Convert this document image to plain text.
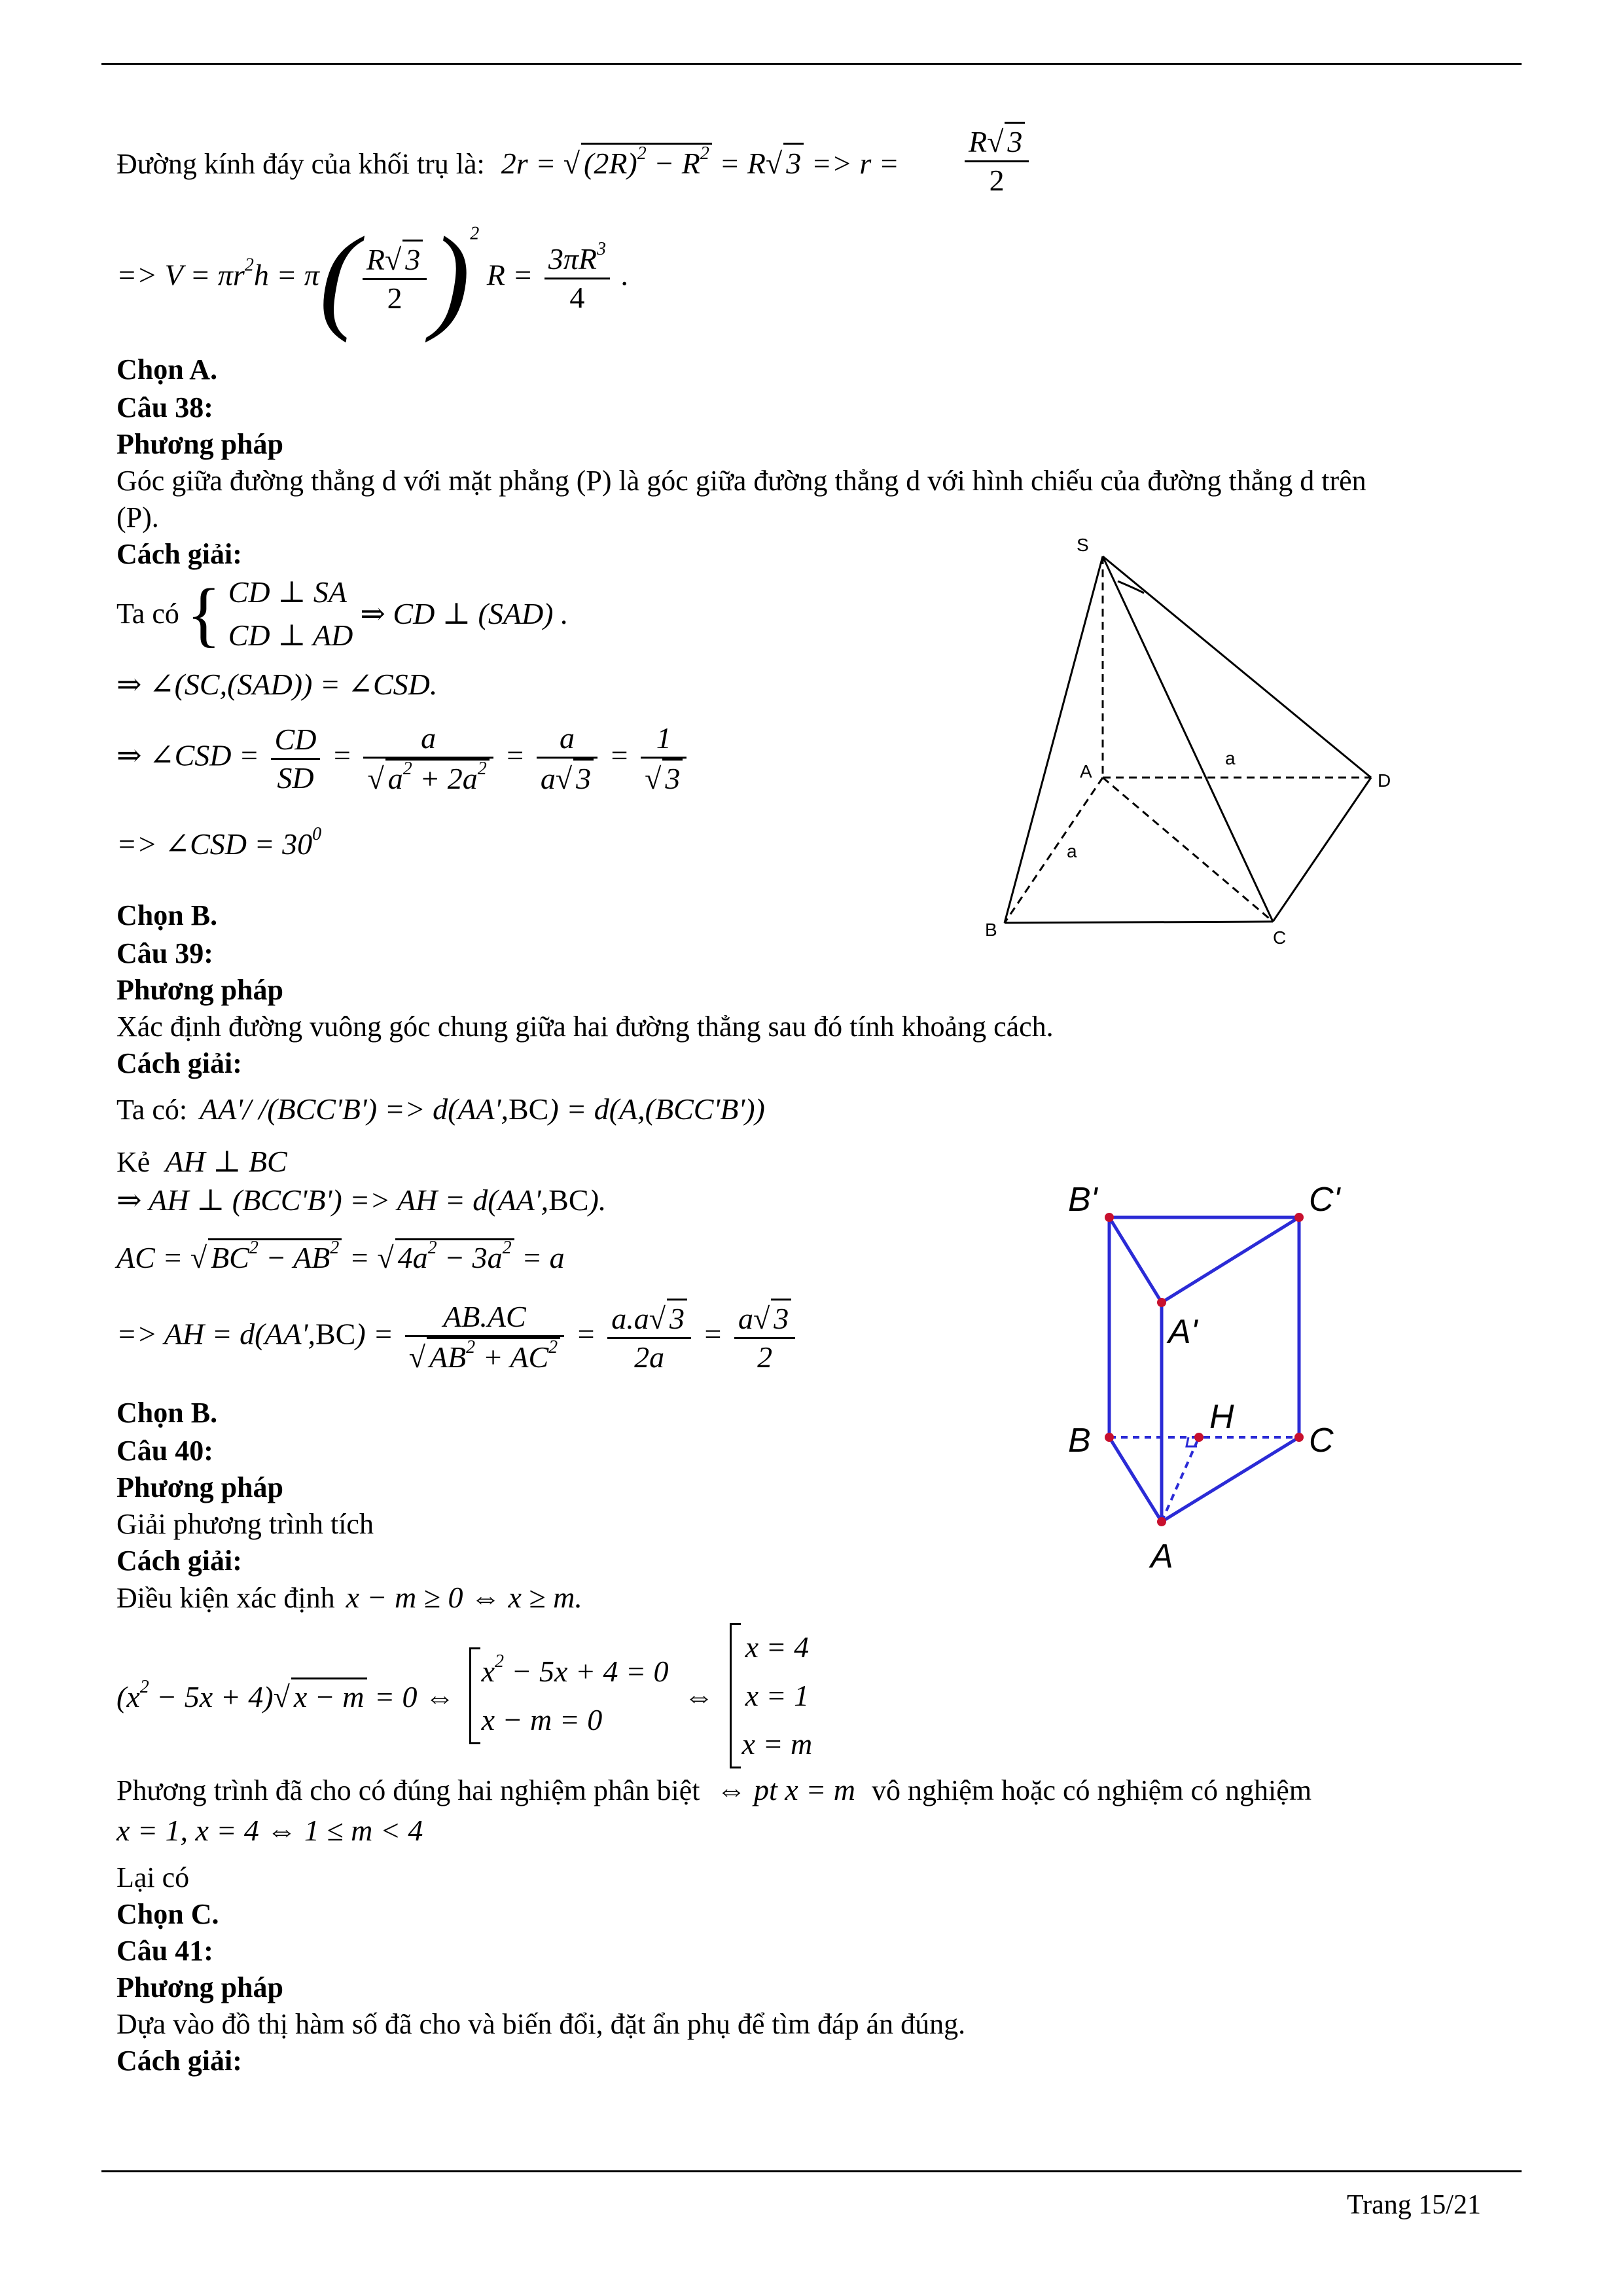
Trang 15/21
Đường kính đáy của khối trụ là: 2r = √ $(2R)^2 - R^2 = R√$ $3 => r = \frac{R√ 3}{2}$
=> $V = \pi r^2h = \pi( \frac{R√ 3}{2} )^2$ $R = \frac{3\pi R^3}{4}$ .
Chọn A.
Câu 38:
Phương pháp
Góc giữa đường thẳng d với mặt phẳng (P) là góc giữa đường thẳng d với hình chiếu của đường thẳng d trên
(P).
Cách giải:
Ta có { CD ⊥ SA
CD ⊥ AD ⇒ CD ⊥ (SAD) .
⇒ ∠(SC,(SAD)) = ∠CSD.
⇒ ∠CSD = $\frac{CD}{SD} = \frac{a}{√ a^2 + 2a^2} = \frac{a}{a√ 3} = \frac{1}{√ 3}$
=> ∠CSD = $30^0$
Chọn B.
S
A
B	C
D
a
a
Câu 39:
Phương pháp
Xác định đường vuông góc chung giữa hai đường thẳng sau đó tính khoảng cách.
Cách giải:
Ta có: AA'/ /(BCC'B') => d(AA',BC) = d(A,(BCC'B'))
Kẻ AH ⊥ BC
⇒ AH ⊥ (BCC'B') => AH = d(AA',BC).
AC = √ $BC^2 - AB^2$ = √ $4a^2 - 3a^2 = a$
=> AH = $d(AA',BC) = \frac{AB.AC}{√ AB^2 + AC^2} = \frac{a.a√ 3}{2a} = \frac{a√ 3}{2}$
Chọn B.
B'	C'
A'
B
H
C
A
Câu 40:
Phương pháp
Giải phương trình tích
Cách giải:
Điều kiện xác định x − m ≥ 0 ⇔ x ≥ m.
$(x^2 - 5x + 4)√$ x − m = 0 ⇔ $x^2 - 5x + 4 = 0$
x − m = 0 ⇔ x = 4
x = 1
x = m
Phương trình đã cho có đúng hai nghiệm phân biệt ⇔ pt x = m vô nghiệm hoặc có nghiệm có nghiệm
x = 1, x = 4 ⇔ 1 ≤ m < 4
Lại có
Chọn C.
Câu 41:
Phương pháp
Dựa vào đồ thị hàm số đã cho và biến đổi, đặt ẩn phụ để tìm đáp án đúng.
Cách giải:
